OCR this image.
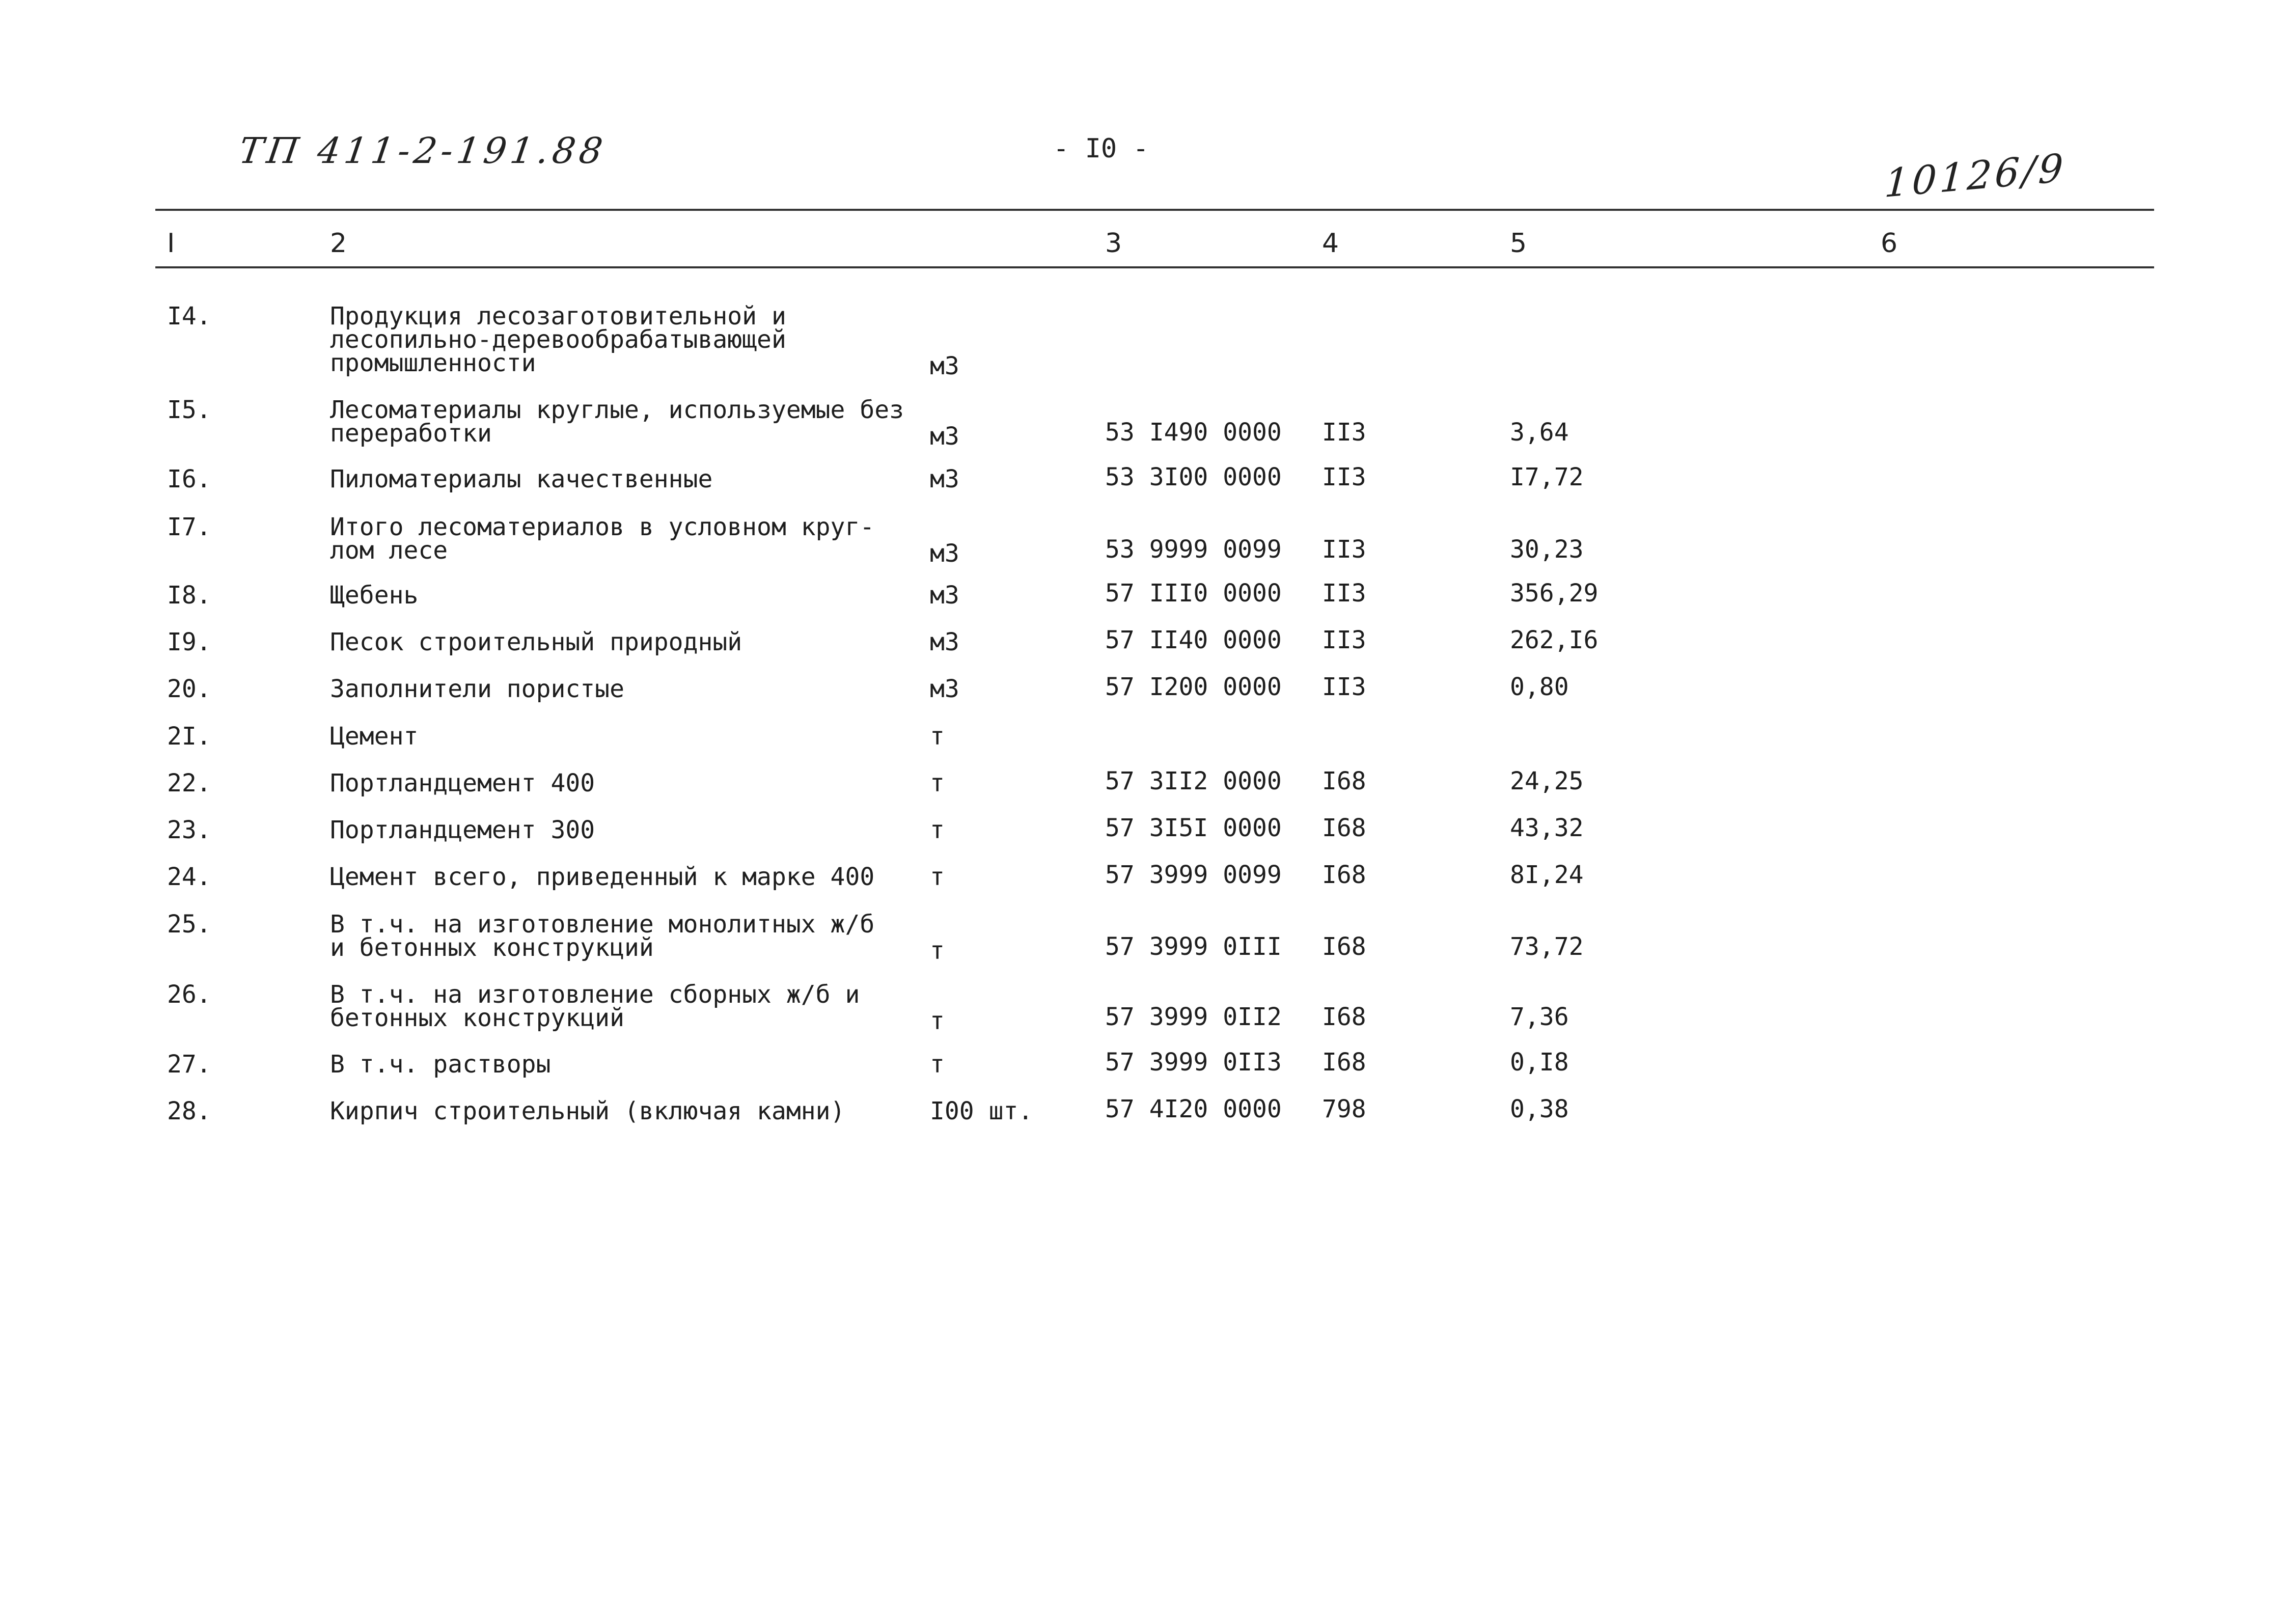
ТП 411-2-191.88	- I0 -	10126/9
I	2	3	4	5	6
I4.	Продукция лесозаготовительной и
лесопильно-деревообрабатывающей
промышленности	м3
I5.	Лесоматериалы круглые, используемые без
переработки	м3	53 I490 0000 II3	3,64
I6.	Пиломатериалы качественные	м3	53 3I00 0000 II3	I7,72
I7.	Итого лесоматериалов в условном круг-
лом лесе	м3	53 9999 0099 II3	30,23
I8.	Щебень	м3	57 III0 0000 II3	356,29
I9.	Песок строительный природный	м3	57 II40 0000 II3	262,I6
20.	Заполнители пористые	м3	57 I200 0000 II3	0,80
2I.	Цемент	т
22.	Портландцемент 400	т	57 3II2 0000 I68	24,25
23.	Портландцемент 300	т	57 3I5I 0000 I68	43,32
24.	Цемент всего, приведенный к марке 400 т	57 3999 0099 I68	8I,24
25.	В т.ч. на изготовление монолитных ж/б
и бетонных конструкций	т	57 3999 0III I68	73,72
26.	В т.ч. на изготовление сборных ж/б и
бетонных конструкций	т	57 3999 0II2 I68	7,36
27.	В т.ч. растворы	т	57 3999 0II3 I68	0,I8
28.	Кирпич строительный (включая камни)	I00 шт.	57 4I20 0000 798	0,38
